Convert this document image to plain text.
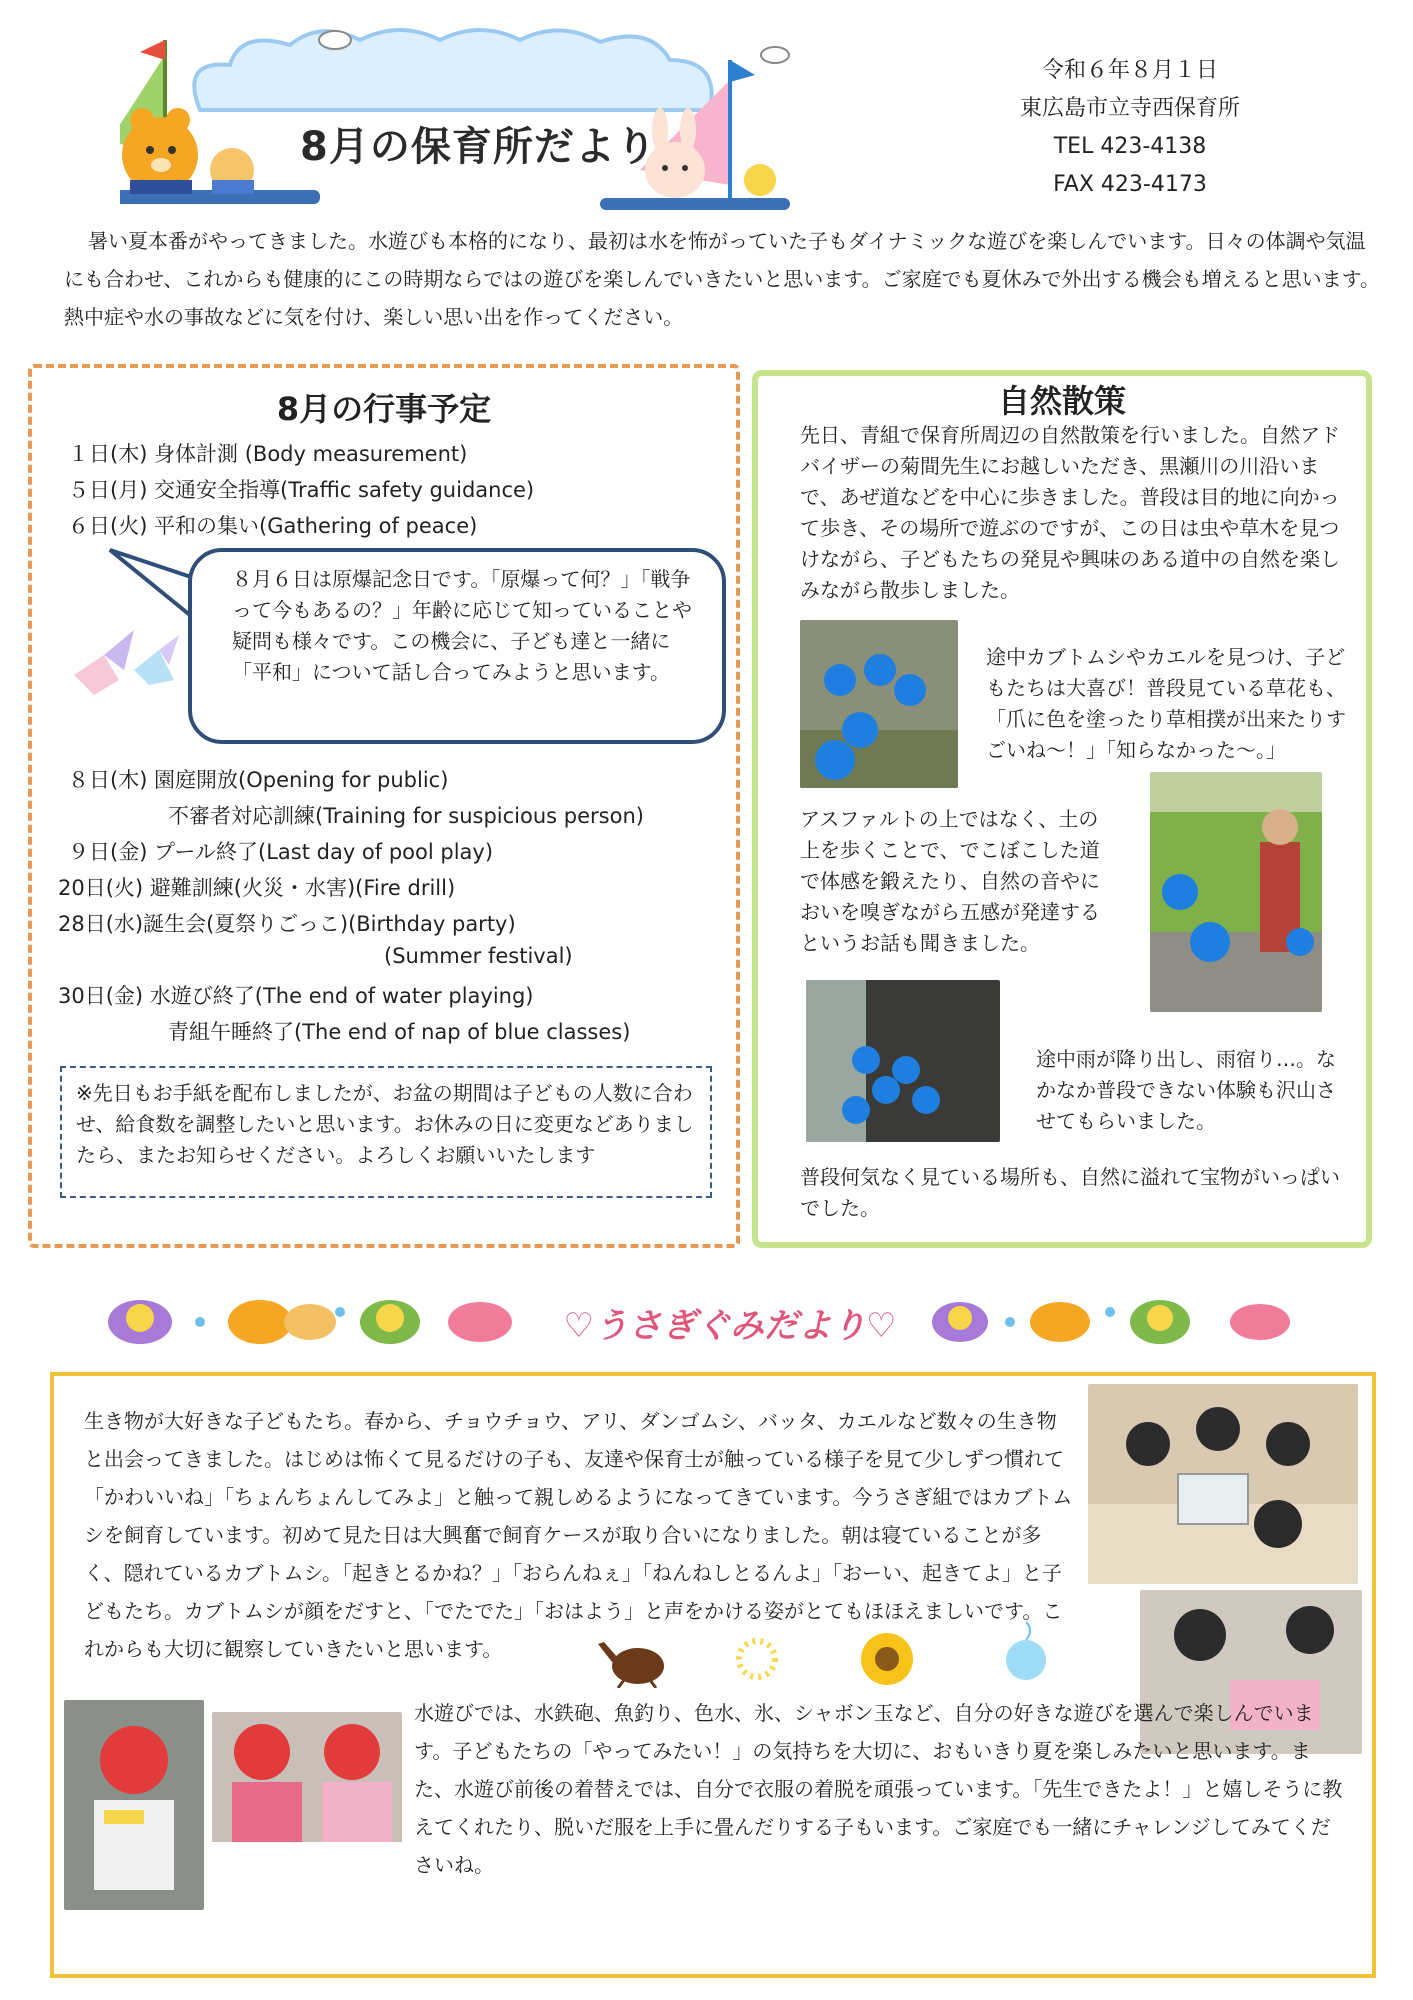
8月の保育所だより
令和６年８月１日
東広島市立寺西保育所
TEL 423-4138
FAX 423-4173
暑い夏本番がやってきました。水遊びも本格的になり、最初は水を怖がっていた子もダイナミックな遊びを楽しんでいます。日々の体調や気温にも合わせ、これからも健康的にこの時期ならではの遊びを楽しんでいきたいと思います。ご家庭でも夏休みで外出する機会も増えると思います。熱中症や水の事故などに気を付け、楽しい思い出を作ってください。
8月の行事予定
１日(木) 身体計測 (Body measurement)
５日(月) 交通安全指導(Traffic safety guidance)
６日(火) 平和の集い(Gathering of peace)
８月６日は原爆記念日です。「原爆って何？」「戦争って今もあるの？」年齢に応じて知っていることや疑問も様々です。この機会に、子ども達と一緒に「平和」について話し合ってみようと思います。
８日(木) 園庭開放(Opening for public)
不審者対応訓練(Training for suspicious person)
９日(金) プール終了(Last day of pool play)
20日(火) 避難訓練(火災・水害)(Fire drill)
28日(水)誕生会(夏祭りごっこ)(Birthday party)
(Summer festival)
30日(金) 水遊び終了(The end of water playing)
青組午睡終了(The end of nap of blue classes)
※先日もお手紙を配布しましたが、お盆の期間は子どもの人数に合わせ、給食数を調整したいと思います。お休みの日に変更などありましたら、またお知らせください。よろしくお願いいたします
自然散策
先日、青組で保育所周辺の自然散策を行いました。自然アドバイザーの菊間先生にお越しいただき、黒瀬川の川沿いまで、あぜ道などを中心に歩きました。普段は目的地に向かって歩き、その場所で遊ぶのですが、この日は虫や草木を見つけながら、子どもたちの発見や興味のある道中の自然を楽しみながら散歩しました。
途中カブトムシやカエルを見つけ、子どもたちは大喜び！普段見ている草花も、「爪に色を塗ったり草相撲が出来たりすごいね～！」「知らなかった～。」
アスファルトの上ではなく、土の上を歩くことで、でこぼこした道で体感を鍛えたり、自然の音やにおいを嗅ぎながら五感が発達するというお話も聞きました。
途中雨が降り出し、雨宿り…。なかなか普段できない体験も沢山させてもらいました。
普段何気なく見ている場所も、自然に溢れて宝物がいっぱいでした。
♡うさぎぐみだより♡
生き物が大好きな子どもたち。春から、チョウチョウ、アリ、ダンゴムシ、バッタ、カエルなど数々の生き物と出会ってきました。はじめは怖くて見るだけの子も、友達や保育士が触っている様子を見て少しずつ慣れて「かわいいね」「ちょんちょんしてみよ」と触って親しめるようになってきています。今うさぎ組ではカブトムシを飼育しています。初めて見た日は大興奮で飼育ケースが取り合いになりました。朝は寝ていることが多く、隠れているカブトムシ。「起きとるかね？」「おらんねぇ」「ねんねしとるんよ」「おーい、起きてよ」と子どもたち。カブトムシが顔をだすと、「でたでた」「おはよう」と声をかける姿がとてもほほえましいです。これからも大切に観察していきたいと思います。
水遊びでは、水鉄砲、魚釣り、色水、氷、シャボン玉など、自分の好きな遊びを選んで楽しんでいます。子どもたちの「やってみたい！」の気持ちを大切に、おもいきり夏を楽しみたいと思います。また、水遊び前後の着替えでは、自分で衣服の着脱を頑張っています。「先生できたよ！」と嬉しそうに教えてくれたり、脱いだ服を上手に畳んだりする子もいます。ご家庭でも一緒にチャレンジしてみてくださいね。
